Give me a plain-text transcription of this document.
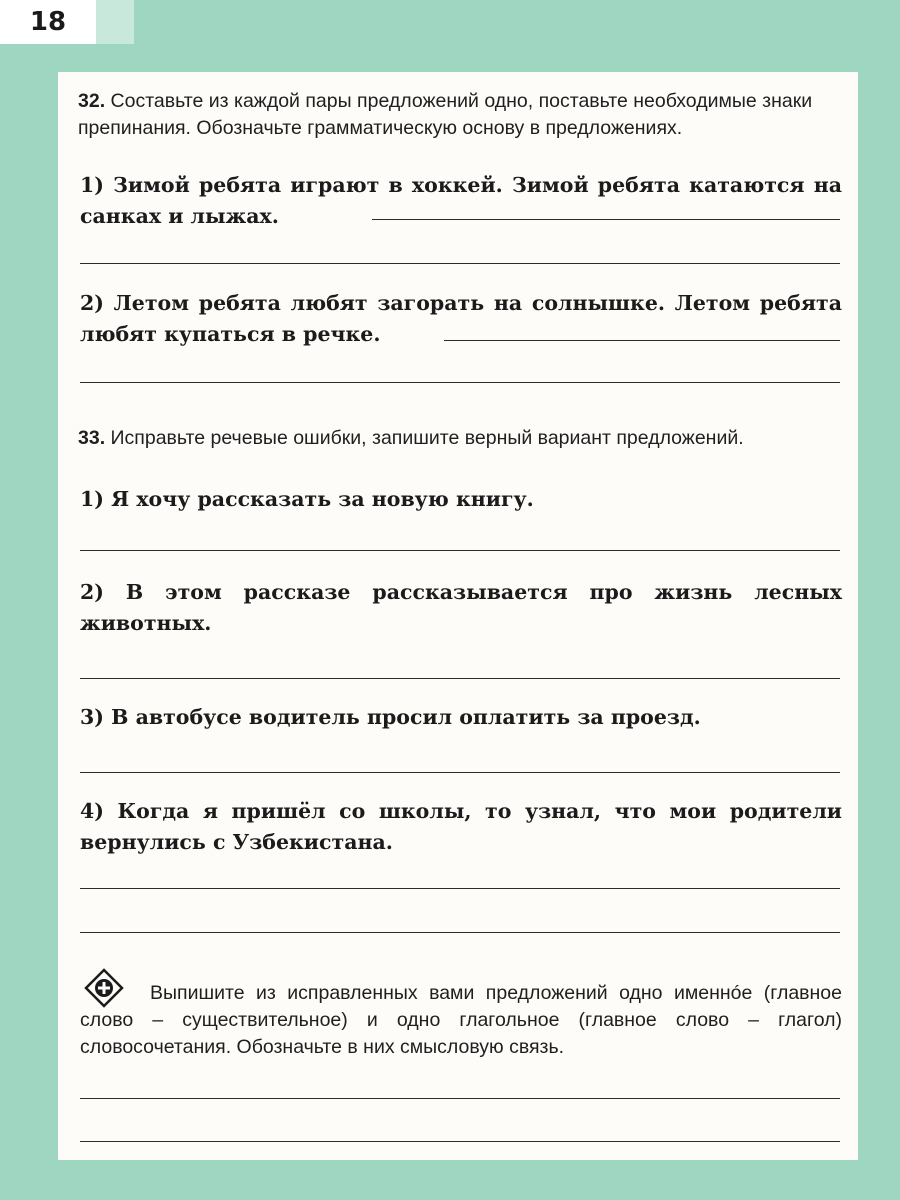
18
32. Составьте из каждой пары предложений одно, поставьте необходимые знаки препинания. Обозначьте грамматическую основу в предложениях.
1) Зимой ребята играют в хоккей. Зимой ребята катаются на санках и лыжах.
2) Летом ребята любят загорать на солнышке. Летом ребята любят купаться в речке.
33. Исправьте речевые ошибки, запишите верный вариант предложений.
1) Я хочу рассказать за новую книгу.
2) В этом рассказе рассказывается про жизнь лесных животных.
3) В автобусе водитель просил оплатить за проезд.
4) Когда я пришёл со школы, то узнал, что мои родители вернулись с Узбекистана.
Выпишите из исправленных вами предложений одно именнóе (главное слово – существительное) и одно глагольное (главное слово – глагол) словосочетания. Обозначьте в них смысловую связь.
